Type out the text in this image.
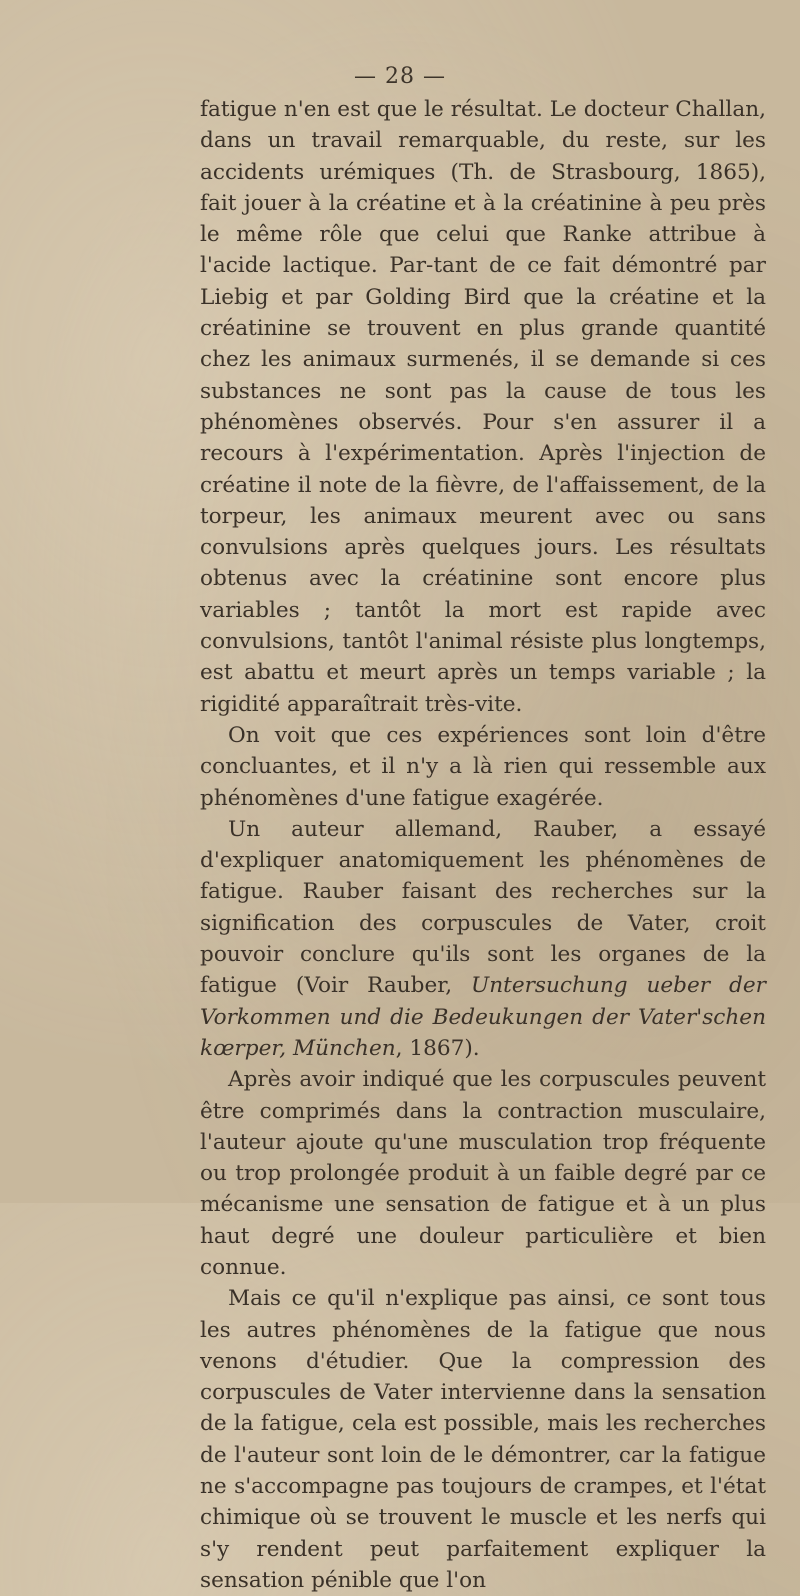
— 28 —

fatigue n'en est que le résultat. Le docteur Challan, dans un travail remarquable, du reste, sur les accidents urémiques (Th. de Strasbourg, 1865), fait jouer à la créatine et à la créatinine à peu près le même rôle que celui que Ranke attribue à l'acide lactique. Par-tant de ce fait démontré par Liebig et par Golding Bird que la créatine et la créatinine se trouvent en plus grande quantité chez les animaux surmenés, il se demande si ces substances ne sont pas la cause de tous les phénomènes observés. Pour s'en assurer il a recours à l'expérimentation. Après l'injection de créatine il note de la fièvre, de l'affaissement, de la torpeur, les animaux meurent avec ou sans convulsions après quelques jours. Les résultats obtenus avec la créatinine sont encore plus variables ; tantôt la mort est rapide avec convulsions, tantôt l'animal résiste plus longtemps, est abattu et meurt après un temps variable ; la rigidité apparaîtrait très-vite.

On voit que ces expériences sont loin d'être concluantes, et il n'y a là rien qui ressemble aux phénomènes d'une fatigue exagérée.

Un auteur allemand, Rauber, a essayé d'expliquer anatomiquement les phénomènes de fatigue. Rauber faisant des recherches sur la signification des corpuscules de Vater, croit pouvoir conclure qu'ils sont les organes de la fatigue (Voir Rauber, Untersuchung ueber der Vorkommen und die Bedeukungen der Vater'schen kœrper, München, 1867).

Après avoir indiqué que les corpuscules peuvent être comprimés dans la contraction musculaire, l'auteur ajoute qu'une musculation trop fréquente ou trop prolongée produit à un faible degré par ce mécanisme une sensation de fatigue et à un plus haut degré une douleur particulière et bien connue.

Mais ce qu'il n'explique pas ainsi, ce sont tous les autres phénomènes de la fatigue que nous venons d'étudier. Que la compression des corpuscules de Vater intervienne dans la sensation de la fatigue, cela est possible, mais les recherches de l'auteur sont loin de le démontrer, car la fatigue ne s'accompagne pas toujours de crampes, et l'état chimique où se trouvent le muscle et les nerfs qui s'y rendent peut parfaitement expliquer la sensation pénible que l'on
